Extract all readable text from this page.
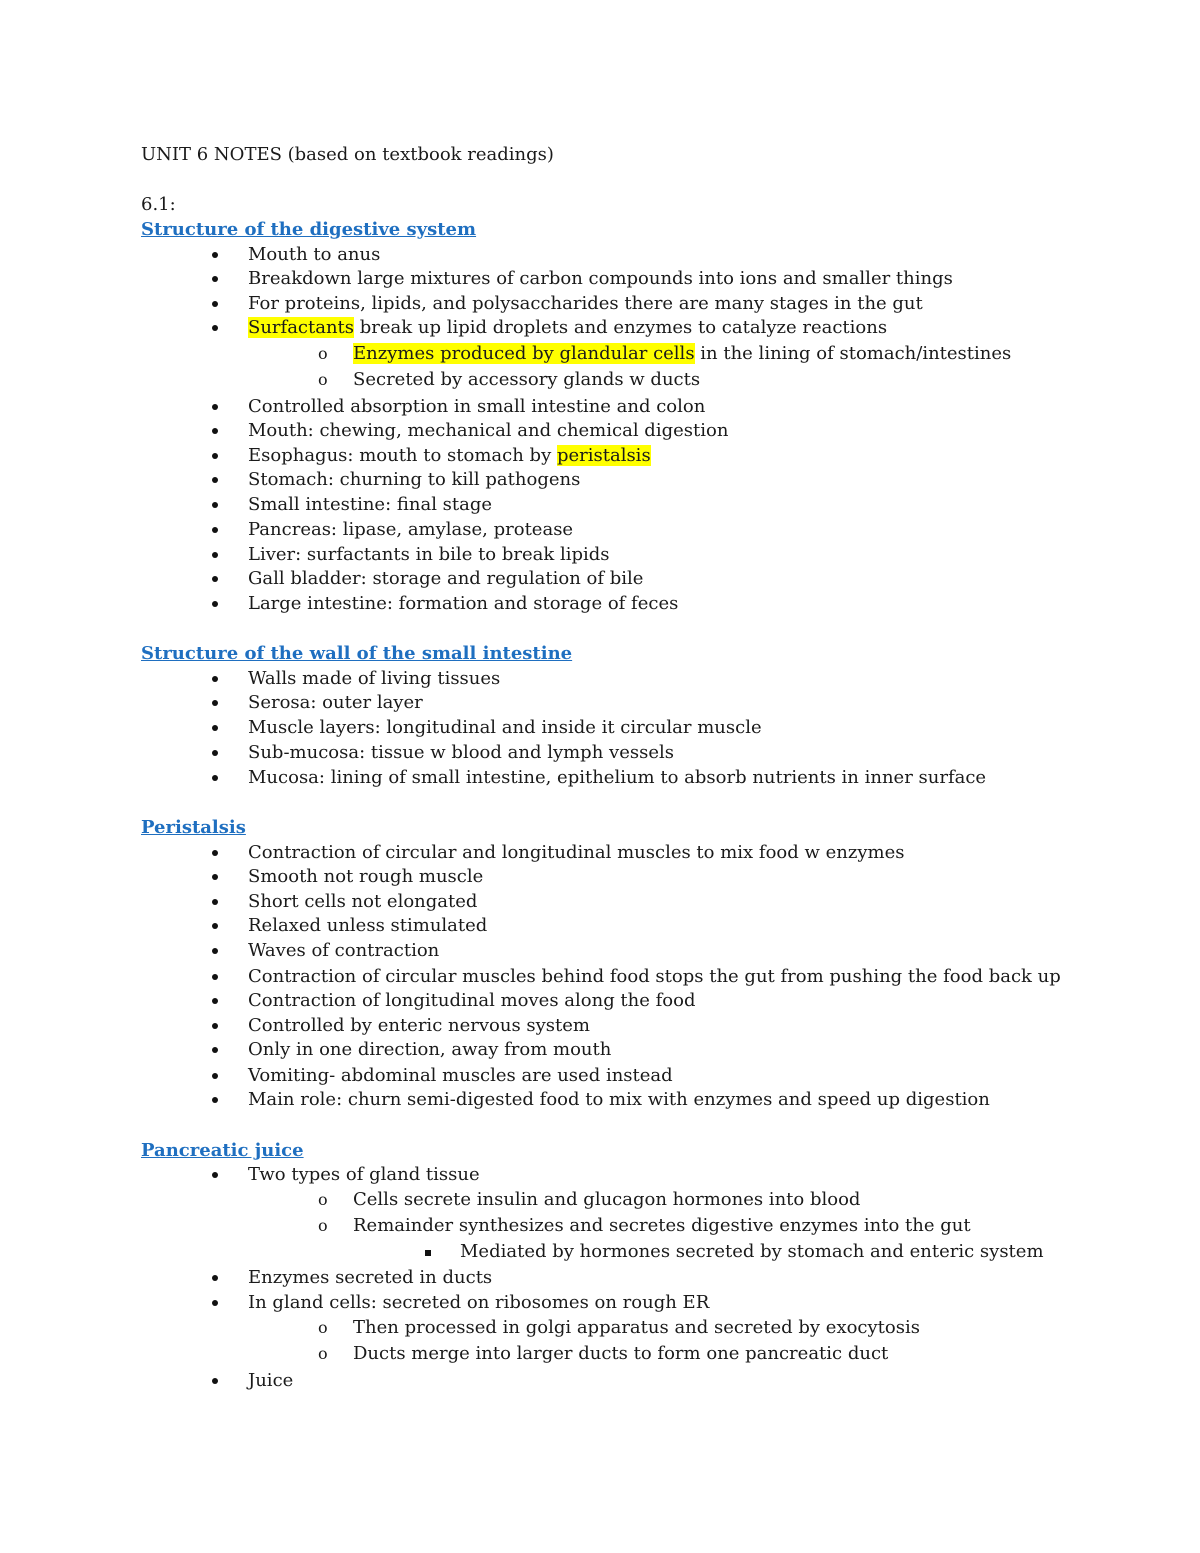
UNIT 6 NOTES (based on textbook readings)
6.1:
Structure of the digestive system
Mouth to anus
Breakdown large mixtures of carbon compounds into ions and smaller things
For proteins, lipids, and polysaccharides there are many stages in the gut
Surfactants break up lipid droplets and enzymes to catalyze reactions
o Enzymes produced by glandular cells in the lining of stomach/intestines
o Secreted by accessory glands w ducts
Controlled absorption in small intestine and colon
Mouth: chewing, mechanical and chemical digestion
Esophagus: mouth to stomach by peristalsis
Stomach: churning to kill pathogens
Small intestine: final stage
Pancreas: lipase, amylase, protease
Liver: surfactants in bile to break lipids
Gall bladder: storage and regulation of bile
Large intestine: formation and storage of feces
Structure of the wall of the small intestine
Walls made of living tissues
Serosa: outer layer
Muscle layers: longitudinal and inside it circular muscle
Sub-mucosa: tissue w blood and lymph vessels
Mucosa: lining of small intestine, epithelium to absorb nutrients in inner surface
Peristalsis
Contraction of circular and longitudinal muscles to mix food w enzymes
Smooth not rough muscle
Short cells not elongated
Relaxed unless stimulated
Waves of contraction
Contraction of circular muscles behind food stops the gut from pushing the food back up
Contraction of longitudinal moves along the food
Controlled by enteric nervous system
Only in one direction, away from mouth
Vomiting- abdominal muscles are used instead
Main role: churn semi-digested food to mix with enzymes and speed up digestion
Pancreatic juice
Two types of gland tissue
o Cells secrete insulin and glucagon hormones into blood
o Remainder synthesizes and secretes digestive enzymes into the gut
Mediated by hormones secreted by stomach and enteric system
Enzymes secreted in ducts
In gland cells: secreted on ribosomes on rough ER
o Then processed in golgi apparatus and secreted by exocytosis
o Ducts merge into larger ducts to form one pancreatic duct
Juice
